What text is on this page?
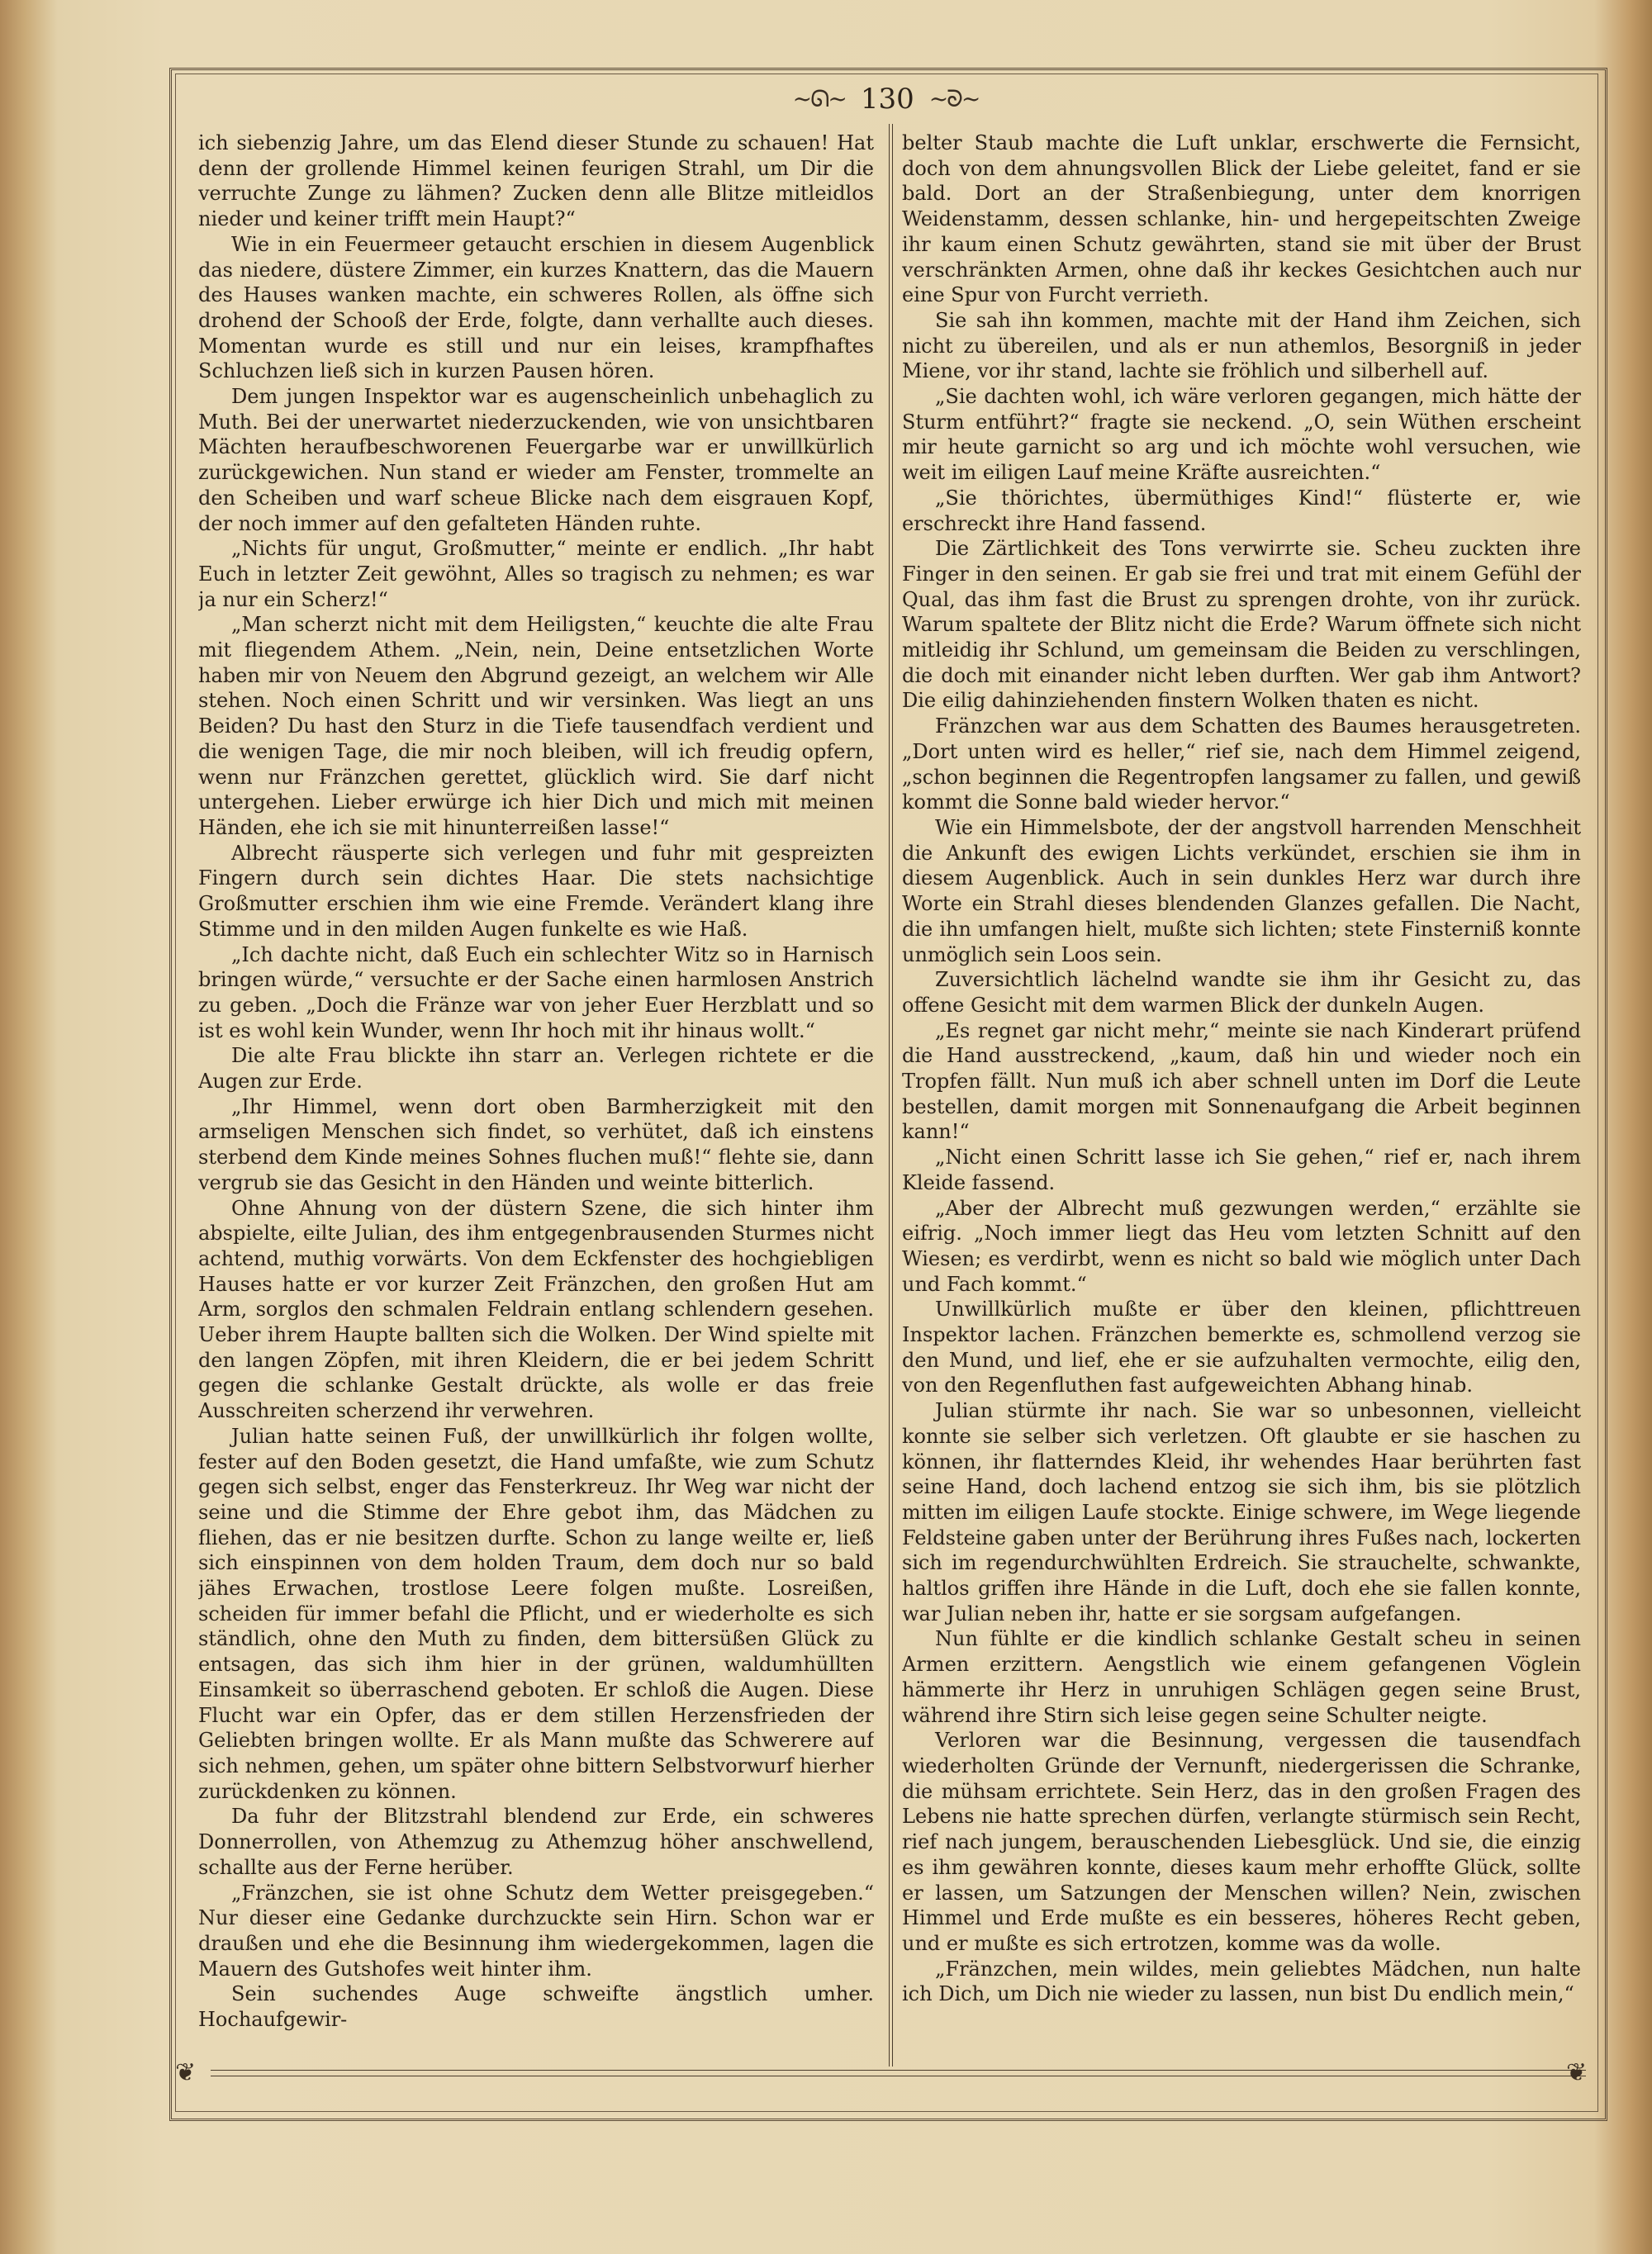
~ᘏ~ 130 ~ᘐ~

ich siebenzig Jahre, um das Elend dieser Stunde zu schauen! Hat denn der grollende Himmel keinen feurigen Strahl, um Dir die verruchte Zunge zu lähmen? Zucken denn alle Blitze mitleidlos nieder und keiner trifft mein Haupt?“

Wie in ein Feuermeer getaucht erschien in diesem Augenblick das niedere, düstere Zimmer, ein kurzes Knattern, das die Mauern des Hauses wanken machte, ein schweres Rollen, als öffne sich drohend der Schooß der Erde, folgte, dann verhallte auch dieses. Momentan wurde es still und nur ein leises, krampfhaftes Schluchzen ließ sich in kurzen Pausen hören.

Dem jungen Inspektor war es augenscheinlich unbehaglich zu Muth. Bei der unerwartet niederzuckenden, wie von unsichtbaren Mächten heraufbeschworenen Feuergarbe war er unwillkürlich zurückgewichen. Nun stand er wieder am Fenster, trommelte an den Scheiben und warf scheue Blicke nach dem eisgrauen Kopf, der noch immer auf den gefalteten Händen ruhte.

„Nichts für ungut, Großmutter,“ meinte er endlich. „Ihr habt Euch in letzter Zeit gewöhnt, Alles so tragisch zu nehmen; es war ja nur ein Scherz!“

„Man scherzt nicht mit dem Heiligsten,“ keuchte die alte Frau mit fliegendem Athem. „Nein, nein, Deine entsetzlichen Worte haben mir von Neuem den Abgrund gezeigt, an welchem wir Alle stehen. Noch einen Schritt und wir versinken. Was liegt an uns Beiden? Du hast den Sturz in die Tiefe tausendfach verdient und die wenigen Tage, die mir noch bleiben, will ich freudig opfern, wenn nur Fränzchen gerettet, glücklich wird. Sie darf nicht untergehen. Lieber erwürge ich hier Dich und mich mit meinen Händen, ehe ich sie mit hinunterreißen lasse!“

Albrecht räusperte sich verlegen und fuhr mit gespreizten Fingern durch sein dichtes Haar. Die stets nachsichtige Großmutter erschien ihm wie eine Fremde. Verändert klang ihre Stimme und in den milden Augen funkelte es wie Haß.

„Ich dachte nicht, daß Euch ein schlechter Witz so in Harnisch bringen würde,“ versuchte er der Sache einen harmlosen Anstrich zu geben. „Doch die Fränze war von jeher Euer Herzblatt und so ist es wohl kein Wunder, wenn Ihr hoch mit ihr hinaus wollt.“

Die alte Frau blickte ihn starr an. Verlegen richtete er die Augen zur Erde.

„Ihr Himmel, wenn dort oben Barmherzigkeit mit den armseligen Menschen sich findet, so verhütet, daß ich einstens sterbend dem Kinde meines Sohnes fluchen muß!“ flehte sie, dann vergrub sie das Gesicht in den Händen und weinte bitterlich.

Ohne Ahnung von der düstern Szene, die sich hinter ihm abspielte, eilte Julian, des ihm entgegenbrausenden Sturmes nicht achtend, muthig vorwärts. Von dem Eckfenster des hochgiebligen Hauses hatte er vor kurzer Zeit Fränzchen, den großen Hut am Arm, sorglos den schmalen Feldrain entlang schlendern gesehen. Ueber ihrem Haupte ballten sich die Wolken. Der Wind spielte mit den langen Zöpfen, mit ihren Kleidern, die er bei jedem Schritt gegen die schlanke Gestalt drückte, als wolle er das freie Ausschreiten scherzend ihr verwehren.

Julian hatte seinen Fuß, der unwillkürlich ihr folgen wollte, fester auf den Boden gesetzt, die Hand umfaßte, wie zum Schutz gegen sich selbst, enger das Fensterkreuz. Ihr Weg war nicht der seine und die Stimme der Ehre gebot ihm, das Mädchen zu fliehen, das er nie besitzen durfte. Schon zu lange weilte er, ließ sich einspinnen von dem holden Traum, dem doch nur so bald jähes Erwachen, trostlose Leere folgen mußte. Losreißen, scheiden für immer befahl die Pflicht, und er wiederholte es sich ständlich, ohne den Muth zu finden, dem bittersüßen Glück zu entsagen, das sich ihm hier in der grünen, waldumhüllten Einsamkeit so überraschend geboten. Er schloß die Augen. Diese Flucht war ein Opfer, das er dem stillen Herzensfrieden der Geliebten bringen wollte. Er als Mann mußte das Schwerere auf sich nehmen, gehen, um später ohne bittern Selbstvorwurf hierher zurückdenken zu können.

Da fuhr der Blitzstrahl blendend zur Erde, ein schweres Donnerrollen, von Athemzug zu Athemzug höher anschwellend, schallte aus der Ferne herüber.

„Fränzchen, sie ist ohne Schutz dem Wetter preisgegeben.“ Nur dieser eine Gedanke durchzuckte sein Hirn. Schon war er draußen und ehe die Besinnung ihm wiedergekommen, lagen die Mauern des Gutshofes weit hinter ihm.

Sein suchendes Auge schweifte ängstlich umher. Hochaufgewir-

belter Staub machte die Luft unklar, erschwerte die Fernsicht, doch von dem ahnungsvollen Blick der Liebe geleitet, fand er sie bald. Dort an der Straßenbiegung, unter dem knorrigen Weidenstamm, dessen schlanke, hin- und hergepeitschten Zweige ihr kaum einen Schutz gewährten, stand sie mit über der Brust verschränkten Armen, ohne daß ihr keckes Gesichtchen auch nur eine Spur von Furcht verrieth.

Sie sah ihn kommen, machte mit der Hand ihm Zeichen, sich nicht zu übereilen, und als er nun athemlos, Besorgniß in jeder Miene, vor ihr stand, lachte sie fröhlich und silberhell auf.

„Sie dachten wohl, ich wäre verloren gegangen, mich hätte der Sturm entführt?“ fragte sie neckend. „O, sein Wüthen erscheint mir heute garnicht so arg und ich möchte wohl versuchen, wie weit im eiligen Lauf meine Kräfte ausreichten.“

„Sie thörichtes, übermüthiges Kind!“ flüsterte er, wie erschreckt ihre Hand fassend.

Die Zärtlichkeit des Tons verwirrte sie. Scheu zuckten ihre Finger in den seinen. Er gab sie frei und trat mit einem Gefühl der Qual, das ihm fast die Brust zu sprengen drohte, von ihr zurück. Warum spaltete der Blitz nicht die Erde? Warum öffnete sich nicht mitleidig ihr Schlund, um gemeinsam die Beiden zu verschlingen, die doch mit einander nicht leben durften. Wer gab ihm Antwort? Die eilig dahinziehenden finstern Wolken thaten es nicht.

Fränzchen war aus dem Schatten des Baumes herausgetreten. „Dort unten wird es heller,“ rief sie, nach dem Himmel zeigend, „schon beginnen die Regentropfen langsamer zu fallen, und gewiß kommt die Sonne bald wieder hervor.“

Wie ein Himmelsbote, der der angstvoll harrenden Menschheit die Ankunft des ewigen Lichts verkündet, erschien sie ihm in diesem Augenblick. Auch in sein dunkles Herz war durch ihre Worte ein Strahl dieses blendenden Glanzes gefallen. Die Nacht, die ihn umfangen hielt, mußte sich lichten; stete Finsterniß konnte unmöglich sein Loos sein.

Zuversichtlich lächelnd wandte sie ihm ihr Gesicht zu, das offene Gesicht mit dem warmen Blick der dunkeln Augen.

„Es regnet gar nicht mehr,“ meinte sie nach Kinderart prüfend die Hand ausstreckend, „kaum, daß hin und wieder noch ein Tropfen fällt. Nun muß ich aber schnell unten im Dorf die Leute bestellen, damit morgen mit Sonnenaufgang die Arbeit beginnen kann!“

„Nicht einen Schritt lasse ich Sie gehen,“ rief er, nach ihrem Kleide fassend.

„Aber der Albrecht muß gezwungen werden,“ erzählte sie eifrig. „Noch immer liegt das Heu vom letzten Schnitt auf den Wiesen; es verdirbt, wenn es nicht so bald wie möglich unter Dach und Fach kommt.“

Unwillkürlich mußte er über den kleinen, pflichttreuen Inspektor lachen. Fränzchen bemerkte es, schmollend verzog sie den Mund, und lief, ehe er sie aufzuhalten vermochte, eilig den, von den Regenfluthen fast aufgeweichten Abhang hinab.

Julian stürmte ihr nach. Sie war so unbesonnen, vielleicht konnte sie selber sich verletzen. Oft glaubte er sie haschen zu können, ihr flatterndes Kleid, ihr wehendes Haar berührten fast seine Hand, doch lachend entzog sie sich ihm, bis sie plötzlich mitten im eiligen Laufe stockte. Einige schwere, im Wege liegende Feldsteine gaben unter der Berührung ihres Fußes nach, lockerten sich im regendurchwühlten Erdreich. Sie strauchelte, schwankte, haltlos griffen ihre Hände in die Luft, doch ehe sie fallen konnte, war Julian neben ihr, hatte er sie sorgsam aufgefangen.

Nun fühlte er die kindlich schlanke Gestalt scheu in seinen Armen erzittern. Aengstlich wie einem gefangenen Vöglein hämmerte ihr Herz in unruhigen Schlägen gegen seine Brust, während ihre Stirn sich leise gegen seine Schulter neigte.

Verloren war die Besinnung, vergessen die tausendfach wiederholten Gründe der Vernunft, niedergerissen die Schranke, die mühsam errichtete. Sein Herz, das in den großen Fragen des Lebens nie hatte sprechen dürfen, verlangte stürmisch sein Recht, rief nach jungem, berauschenden Liebesglück. Und sie, die einzig es ihm gewähren konnte, dieses kaum mehr erhoffte Glück, sollte er lassen, um Satzungen der Menschen willen? Nein, zwischen Himmel und Erde mußte es ein besseres, höheres Recht geben, und er mußte es sich ertrotzen, komme was da wolle.

„Fränzchen, mein wildes, mein geliebtes Mädchen, nun halte ich Dich, um Dich nie wieder zu lassen, nun bist Du endlich mein,“

❦	❦
